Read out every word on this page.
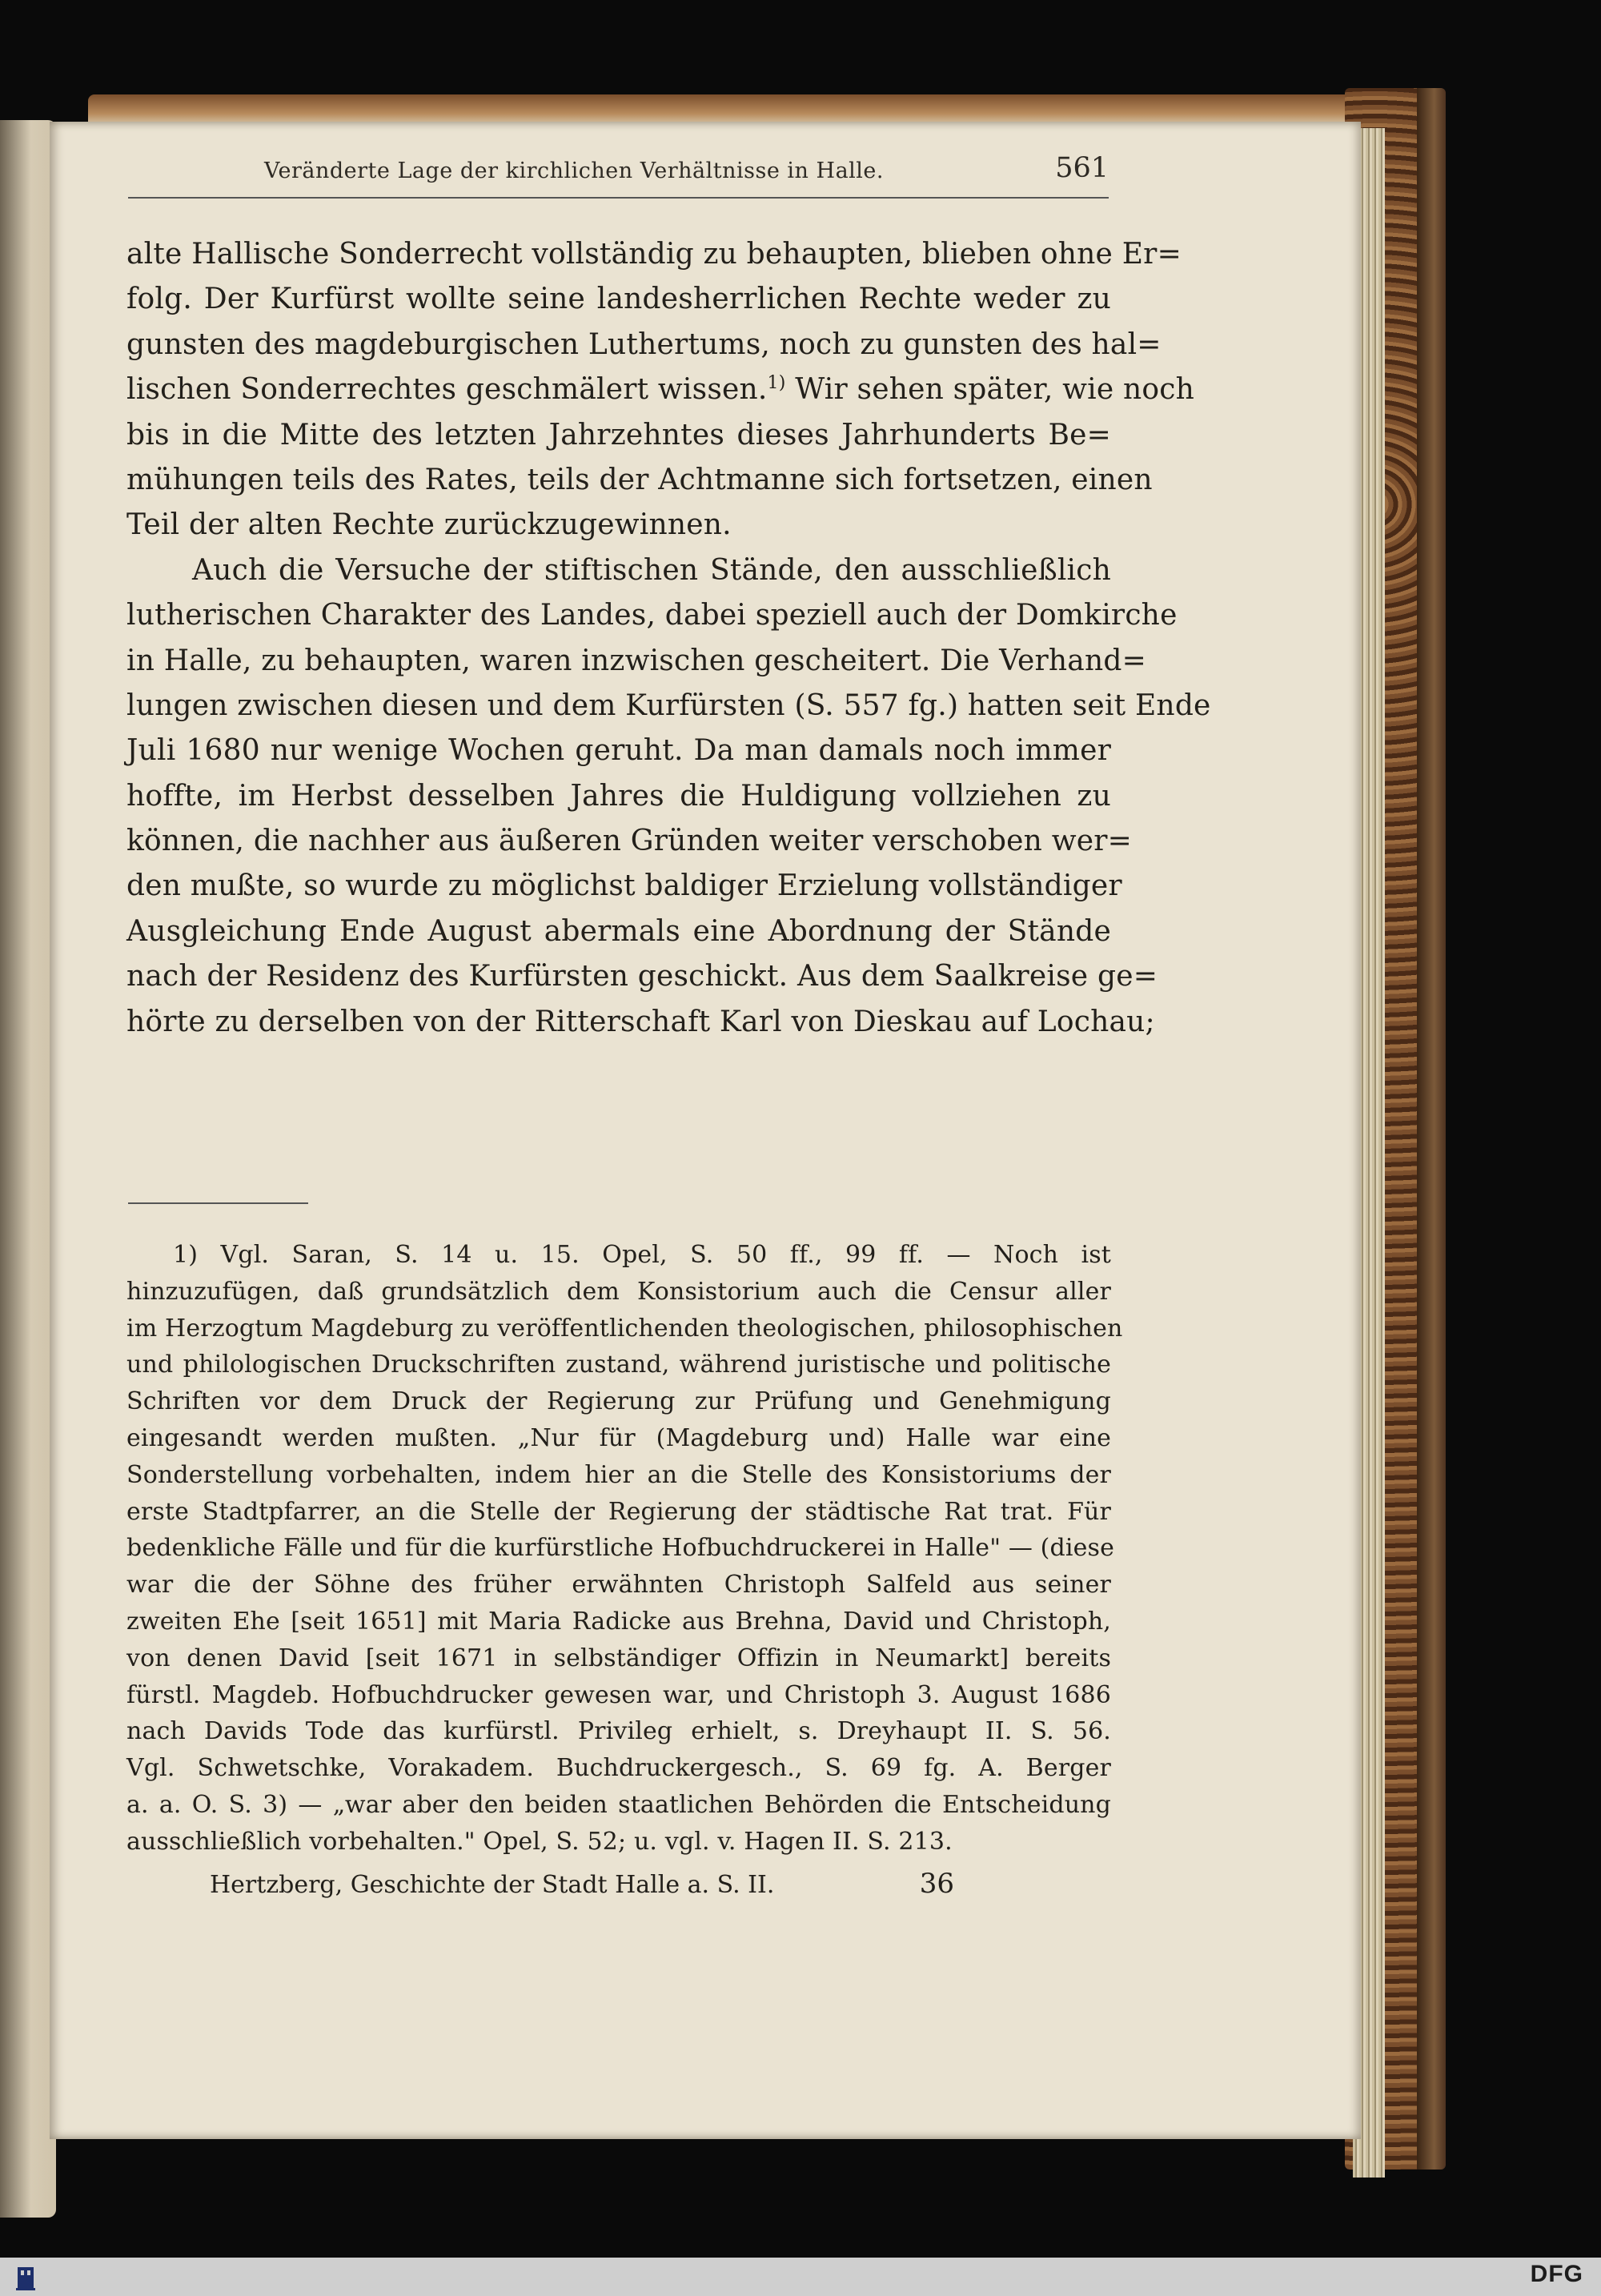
Veränderte Lage der kirchlichen Verhältnisse in Halle.	561
alte Hallische Sonderrecht vollständig zu behaupten, blieben ohne Er=
folg. Der Kurfürst wollte seine landesherrlichen Rechte weder zu
gunsten des magdeburgischen Luthertums, noch zu gunsten des hal=
lischen Sonderrechtes geschmälert wissen.$^{1)}$ Wir sehen später, wie noch
bis in die Mitte des letzten Jahrzehntes dieses Jahrhunderts Be=
mühungen teils des Rates, teils der Achtmanne sich fortsetzen, einen
Teil der alten Rechte zurückzugewinnen.
Auch die Versuche der stiftischen Stände, den ausschließlich
lutherischen Charakter des Landes, dabei speziell auch der Domkirche
in Halle, zu behaupten, waren inzwischen gescheitert. Die Verhand=
lungen zwischen diesen und dem Kurfürsten (S. 557 fg.) hatten seit Ende
Juli 1680 nur wenige Wochen geruht. Da man damals noch immer
hoffte, im Herbst desselben Jahres die Huldigung vollziehen zu
können, die nachher aus äußeren Gründen weiter verschoben wer=
den mußte, so wurde zu möglichst baldiger Erzielung vollständiger
Ausgleichung Ende August abermals eine Abordnung der Stände
nach der Residenz des Kurfürsten geschickt. Aus dem Saalkreise ge=
hörte zu derselben von der Ritterschaft Karl von Dieskau auf Lochau;
1) Vgl. Saran, S. 14 u. 15. Opel, S. 50 ff., 99 ff. — Noch ist
hinzuzufügen, daß grundsätzlich dem Konsistorium auch die Censur aller
im Herzogtum Magdeburg zu veröffentlichenden theologischen, philosophischen
und philologischen Druckschriften zustand, während juristische und politische
Schriften vor dem Druck der Regierung zur Prüfung und Genehmigung
eingesandt werden mußten. „Nur für (Magdeburg und) Halle war eine
Sonderstellung vorbehalten, indem hier an die Stelle des Konsistoriums der
erste Stadtpfarrer, an die Stelle der Regierung der städtische Rat trat. Für
bedenkliche Fälle und für die kurfürstliche Hofbuchdruckerei in Halle" — (diese
war die der Söhne des früher erwähnten Christoph Salfeld aus seiner
zweiten Ehe [seit 1651] mit Maria Radicke aus Brehna, David und Christoph,
von denen David [seit 1671 in selbständiger Offizin in Neumarkt] bereits
fürstl. Magdeb. Hofbuchdrucker gewesen war, und Christoph 3. August 1686
nach Davids Tode das kurfürstl. Privileg erhielt, s. Dreyhaupt II. S. 56.
Vgl. Schwetschke, Vorakadem. Buchdruckergesch., S. 69 fg. A. Berger
a. a. O. S. 3) — „war aber den beiden staatlichen Behörden die Entscheidung
ausschließlich vorbehalten." Opel, S. 52; u. vgl. v. Hagen II. S. 213.
Hertzberg, Geschichte der Stadt Halle a. S. II.	36
DFG
